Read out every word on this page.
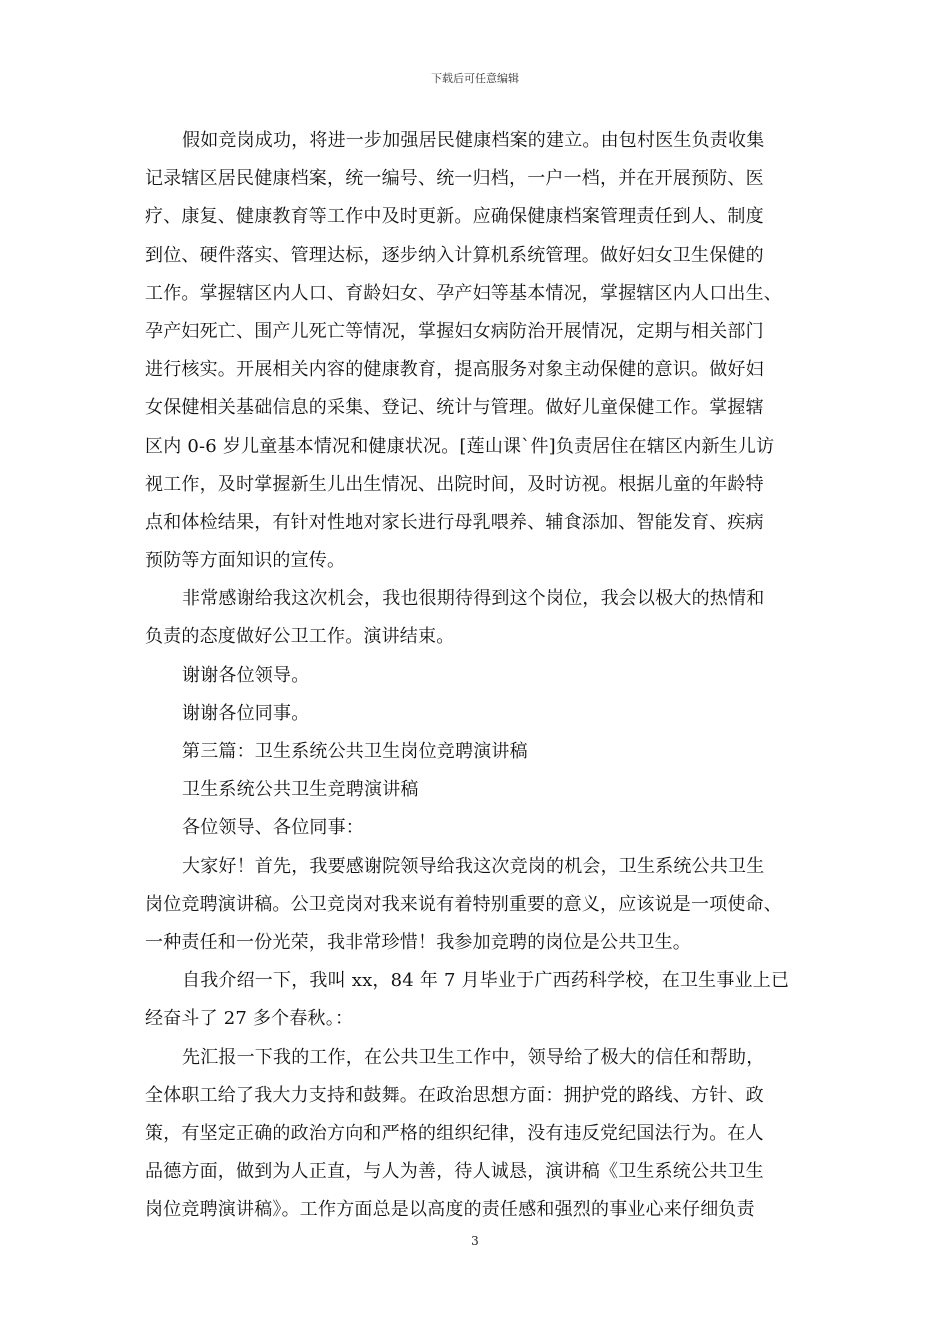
下载后可任意编辑
假如竞岗成功，将进一步加强居民健康档案的建立。由包村医生负责收集
记录辖区居民健康档案，统一编号、统一归档，一户一档，并在开展预防、医
疗、康复、健康教育等工作中及时更新。应确保健康档案管理责任到人、制度
到位、硬件落实、管理达标，逐步纳入计算机系统管理。做好妇女卫生保健的
工作。掌握辖区内人口、育龄妇女、孕产妇等基本情况，掌握辖区内人口出生、
孕产妇死亡、围产儿死亡等情况，掌握妇女病防治开展情况，定期与相关部门
进行核实。开展相关内容的健康教育，提高服务对象主动保健的意识。做好妇
女保健相关基础信息的采集、登记、统计与管理。做好儿童保健工作。掌握辖
区内 0-6 岁儿童基本情况和健康状况。[莲山课`件]负责居住在辖区内新生儿访
视工作，及时掌握新生儿出生情况、出院时间，及时访视。根据儿童的年龄特
点和体检结果，有针对性地对家长进行母乳喂养、辅食添加、智能发育、疾病
预防等方面知识的宣传。
非常感谢给我这次机会，我也很期待得到这个岗位，我会以极大的热情和
负责的态度做好公卫工作。演讲结束。
谢谢各位领导。
谢谢各位同事。
第三篇：卫生系统公共卫生岗位竞聘演讲稿
卫生系统公共卫生竞聘演讲稿
各位领导、各位同事：
大家好！首先，我要感谢院领导给我这次竞岗的机会，卫生系统公共卫生
岗位竞聘演讲稿。公卫竞岗对我来说有着特别重要的意义，应该说是一项使命、
一种责任和一份光荣，我非常珍惜！我参加竞聘的岗位是公共卫生。
自我介绍一下，我叫 xx，84 年 7 月毕业于广西药科学校，在卫生事业上已
经奋斗了 27 多个春秋。：
先汇报一下我的工作，在公共卫生工作中，领导给了极大的信任和帮助，
全体职工给了我大力支持和鼓舞。在政治思想方面：拥护党的路线、方针、政
策，有坚定正确的政治方向和严格的组织纪律，没有违反党纪国法行为。在人
品德方面，做到为人正直，与人为善，待人诚恳，演讲稿《卫生系统公共卫生
岗位竞聘演讲稿》。工作方面总是以高度的责任感和强烈的事业心来仔细负责
3
